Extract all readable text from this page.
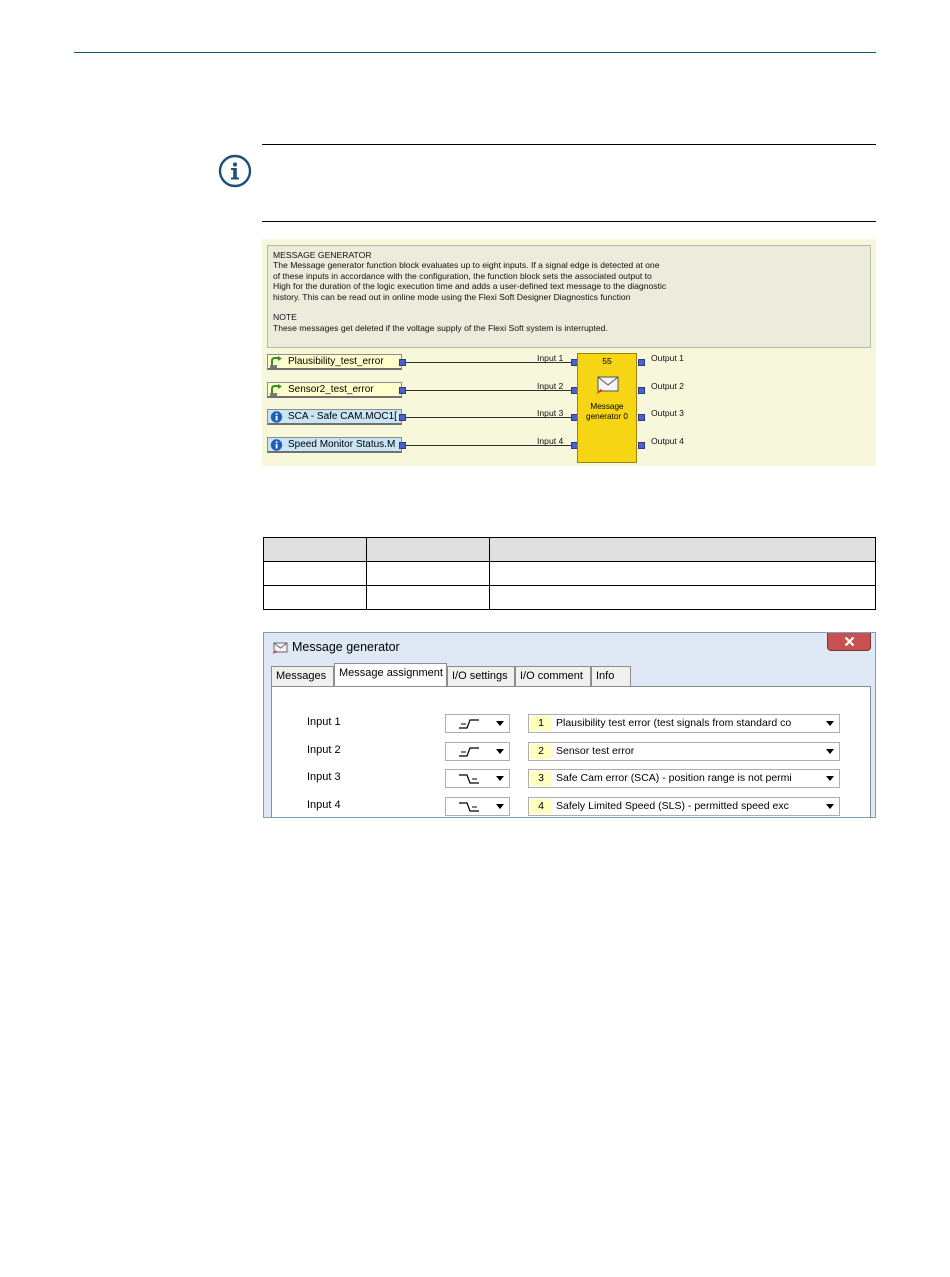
MESSAGE GENERATOR
The Message generator function block evaluates up to eight inputs. If a signal edge is detected at one
of these inputs in accordance with the configuration, the function block sets the associated output to
High for the duration of the logic execution time and adds a user-defined text message to the diagnostic
history. This can be read out in online mode using the Flexi Soft Designer Diagnostics function
NOTE
These messages get deleted if the voltage supply of the Flexi Soft system is interrupted.
Plausibility_test_error
Sensor2_test_error
SCA - Safe CAM.MOC1[
Speed Monitor Status.M
Input 1
Input 2
Input 3
Input 4
55
Message
generator 0
Output 1
Output 2
Output 3
Output 4

Message generator
Messages	Message assignment I/O settings	I/O comment	Info
Input 1	1	Plausibility test error (test signals from standard co
Input 2	2	Sensor test error
Input 3	3	Safe Cam error (SCA) - position range is not permi
Input 4	4	Safely Limited Speed (SLS) - permitted speed exc
